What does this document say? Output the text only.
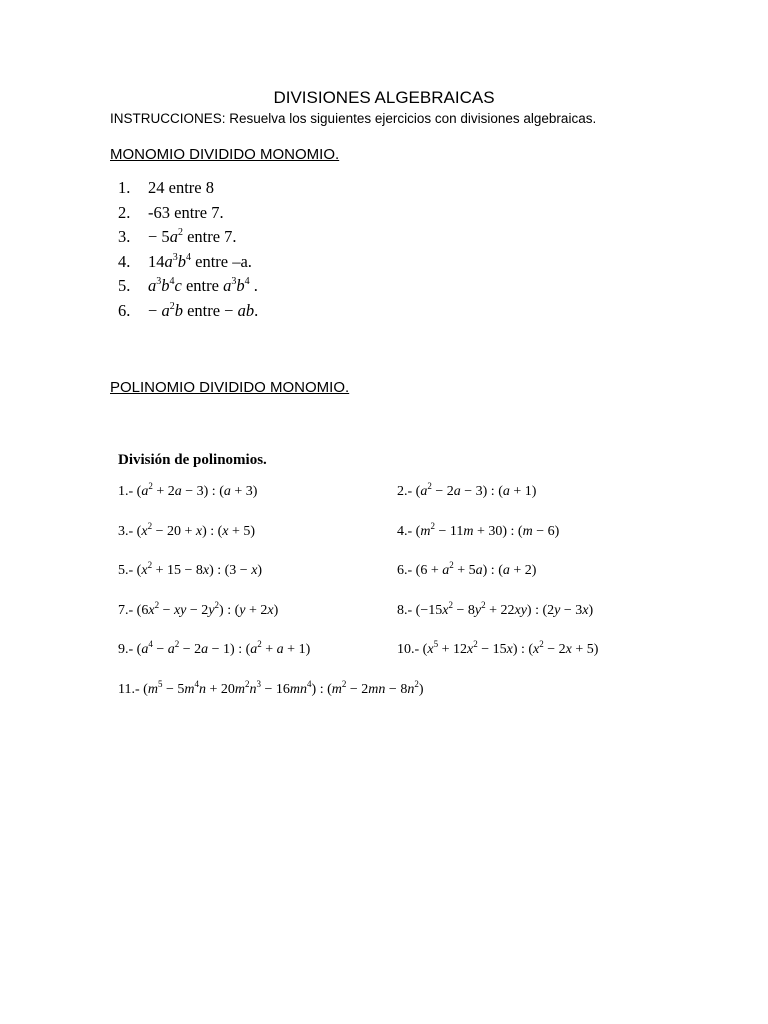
DIVISIONES ALGEBRAICAS
INSTRUCCIONES: Resuelva los siguientes ejercicios con divisiones algebraicas.
MONOMIO DIVIDIDO MONOMIO.
1. 24 entre 8
2. -63 entre 7.
3. − $5a^2$ entre 7.
4. $14a^3b^4$ entre –a.
5. $a^3b^4c$ entre $a^3b^4$ .
6. − $a^2b$ entre − ab.
POLINOMIO DIVIDIDO MONOMIO.
División de polinomios.
1.- $(a^2 + 2a - 3)$ : (a + 3)	2.- $(a^2 - 2a - 3)$ : (a + 1)
3.- $(x^2 - 20 + x)$ : (x + 5)	4.- $(m^2 - 11m + 30)$ : (m − 6)
5.- $(x^2 + 15 - 8x)$ : (3 − x)	6.- $(6 + a^2 + 5a)$ : (a + 2)
7.- ($6x^2$ − xy − $2y^2$) : (y + 2x)	8.- $(-15x^2 - 8y^2 + 22xy)$ : (2y − 3x)
9.- $(a^4 - a^2 - 2a - 1)$ : $(a^2 + a + 1)$	10.- $(x^5 + 12x^2 - 15x)$ : $(x^2 - 2x + 5)$
11.- $(m^5 - 5m^4n + 20m^2n^3 - 16mn^4)$ : $(m^2 - 2mn - 8n^2)$
